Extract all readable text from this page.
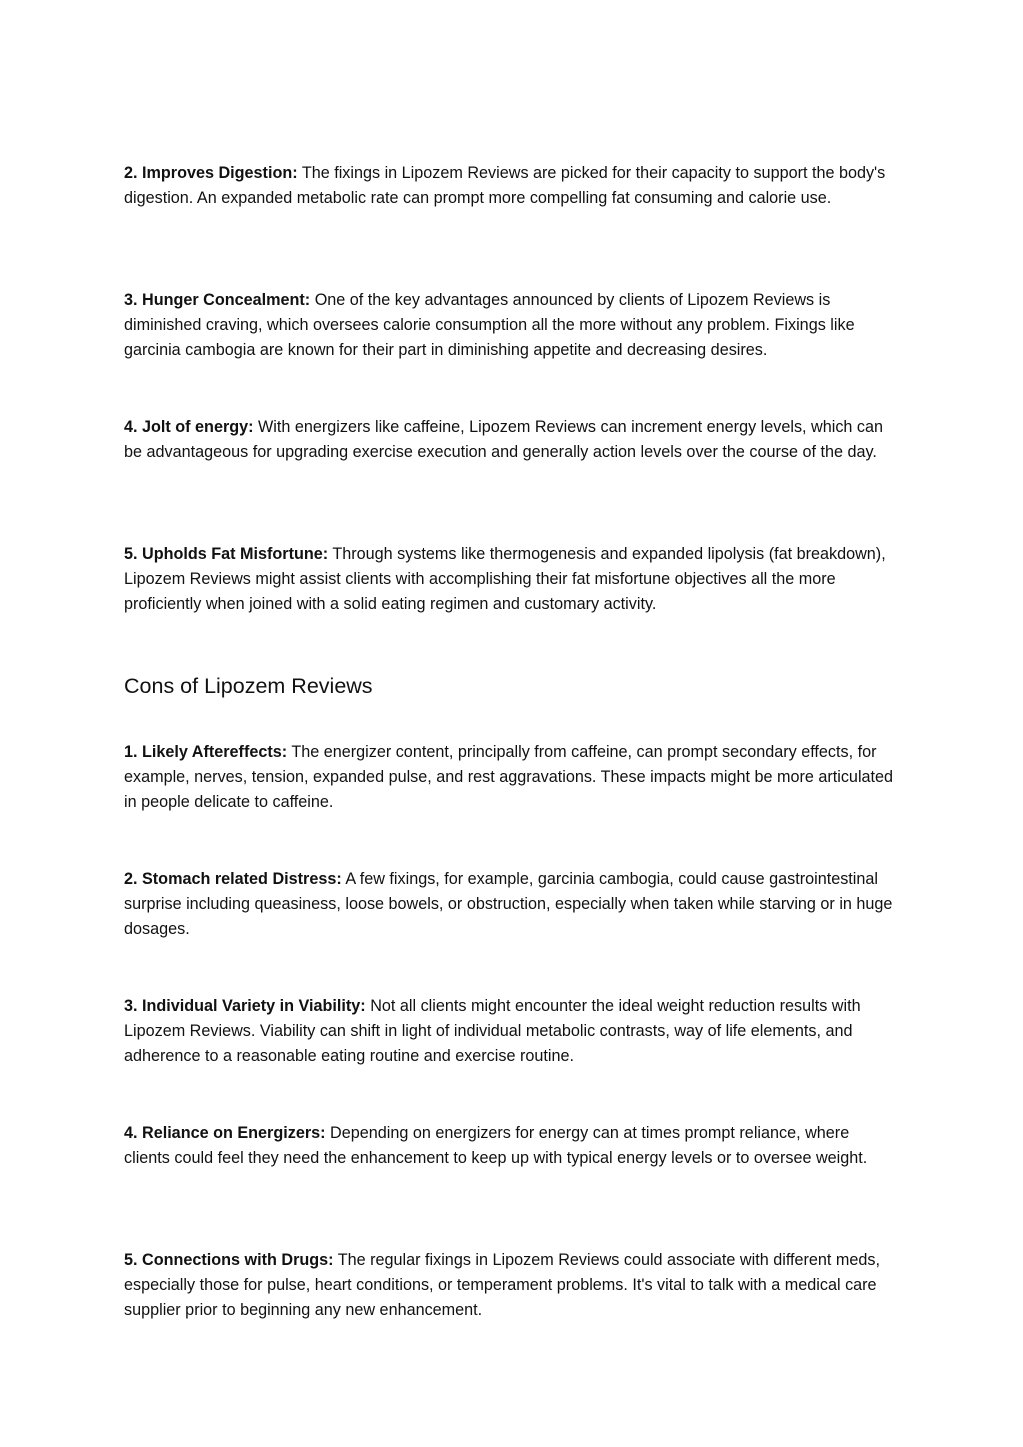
2. Improves Digestion: The fixings in Lipozem Reviews are picked for their capacity to support the body's digestion. An expanded metabolic rate can prompt more compelling fat consuming and calorie use.

3. Hunger Concealment: One of the key advantages announced by clients of Lipozem Reviews is diminished craving, which oversees calorie consumption all the more without any problem. Fixings like garcinia cambogia are known for their part in diminishing appetite and decreasing desires.

4. Jolt of energy: With energizers like caffeine, Lipozem Reviews can increment energy levels, which can be advantageous for upgrading exercise execution and generally action levels over the course of the day.

5. Upholds Fat Misfortune: Through systems like thermogenesis and expanded lipolysis (fat breakdown), Lipozem Reviews might assist clients with accomplishing their fat misfortune objectives all the more proficiently when joined with a solid eating regimen and customary activity.

Cons of Lipozem Reviews

1. Likely Aftereffects: The energizer content, principally from caffeine, can prompt secondary effects, for example, nerves, tension, expanded pulse, and rest aggravations. These impacts might be more articulated in people delicate to caffeine.

2. Stomach related Distress: A few fixings, for example, garcinia cambogia, could cause gastrointestinal surprise including queasiness, loose bowels, or obstruction, especially when taken while starving or in huge dosages.

3. Individual Variety in Viability: Not all clients might encounter the ideal weight reduction results with Lipozem Reviews. Viability can shift in light of individual metabolic contrasts, way of life elements, and adherence to a reasonable eating routine and exercise routine.

4. Reliance on Energizers: Depending on energizers for energy can at times prompt reliance, where clients could feel they need the enhancement to keep up with typical energy levels or to oversee weight.

5. Connections with Drugs: The regular fixings in Lipozem Reviews could associate with different meds, especially those for pulse, heart conditions, or temperament problems. It's vital to talk with a medical care supplier prior to beginning any new enhancement.
